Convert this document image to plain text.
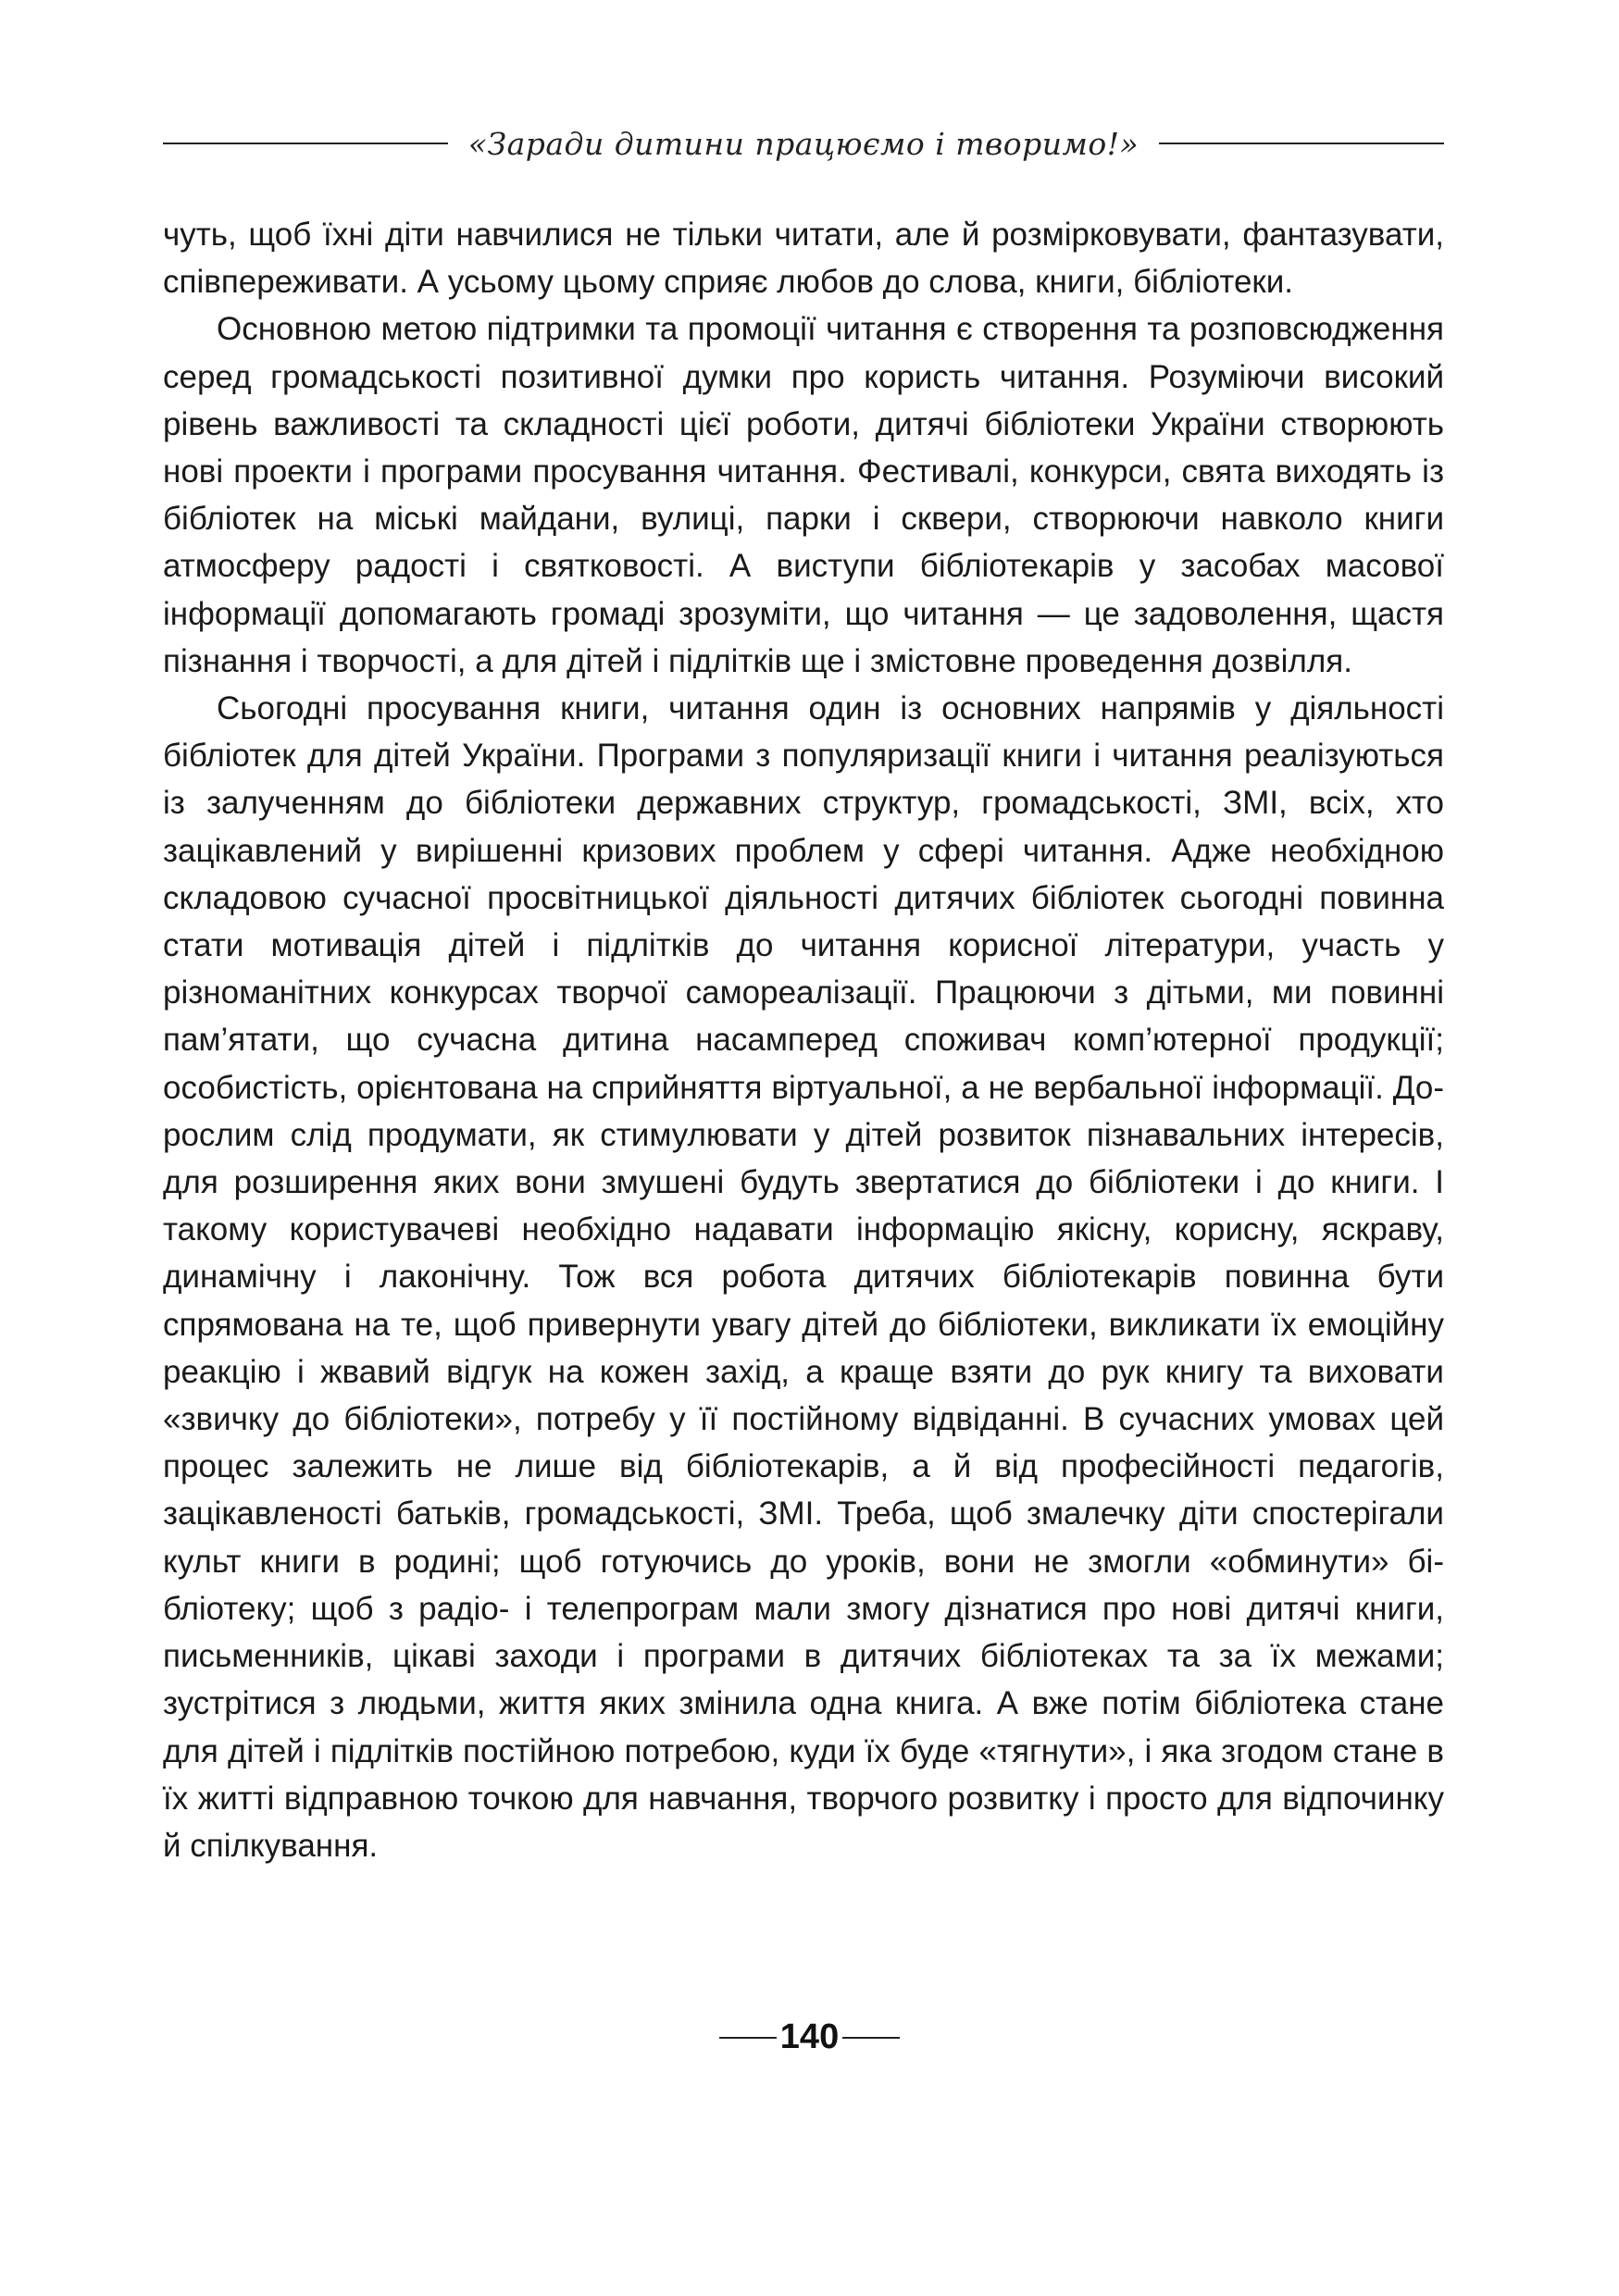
«Заради дитини працюємо і творимо!»

чуть, щоб їхні діти навчилися не тільки читати, але й розмірковувати, фантазувати, співпереживати. А усьому цьому сприяє любов до слова, книги, бібліотеки.

Основною метою підтримки та промоції читання є створення та розповсюдження серед громадськості позитивної думки про користь читання. Розуміючи високий рівень важливості та складності цієї роботи, дитячі бібліотеки України створюють нові проекти і програми просування читання. Фестивалі, конкурси, свята виходять із бібліотек на міські майдани, вулиці, парки і сквери, створюючи навколо книги атмосферу радості і святковості. А виступи бібліотекарів у засобах масової інформації допомагають громаді зрозуміти, що читання — це задоволення, щастя пізнання і творчості, а для дітей і підлітків ще і змістовне проведення дозвілля.

Сьогодні просування книги, читання один із основних напрямів у діяльності бібліотек для дітей України. Програми з популяризації книги і читання реалізуються із залученням до бібліотеки державних структур, громадськості, ЗМІ, всіх, хто зацікавлений у вирішенні кризових проблем у сфері читання. Адже необхідною складовою сучасної просвітницької діяльності дитячих бібліотек сьогодні повинна стати мотивація дітей і підлітків до читання корисної літератури, участь у різноманітних конкурсах творчої самореалізації. Працюючи з дітьми, ми повинні пам’ятати, що сучасна дитина насамперед споживач комп’ютерної продукції; особистість, орієнтована на сприйняття віртуальної, а не вербальної інформації. Дорослим слід продумати, як стимулювати у дітей розвиток пізнавальних інтересів, для розширення яких вони змушені будуть звертатися до бібліотеки і до книги. І такому користувачеві необхідно надавати інформацію якісну, корисну, яскраву, динамічну і лаконічну. Тож вся робота дитячих бібліотекарів повинна бути спрямована на те, щоб привернути увагу дітей до бібліотеки, викликати їх емоційну реакцію і жвавий відгук на кожен захід, а краще взяти до рук книгу та виховати «звичку до бібліотеки», потребу у її постійному відвіданні. В сучасних умовах цей процес залежить не лише від бібліотекарів, а й від професійності педагогів, зацікавленості батьків, громадськості, ЗМІ. Треба, щоб змалечку діти спостерігали культ книги в родині; щоб готуючись до уроків, вони не змогли «обминути» бібліотеку; щоб з радіо- і телепрограм мали змогу дізнатися про нові дитячі книги, письменників, цікаві заходи і програми в дитячих бібліотеках та за їх межами; зустрітися з людьми, життя яких змінила одна книга. А вже потім бібліотека стане для дітей і підлітків постійною потребою, куди їх буде «тягнути», і яка згодом стане в їх житті відправною точкою для навчання, творчого розвитку і просто для відпочинку й спілкування.

140
